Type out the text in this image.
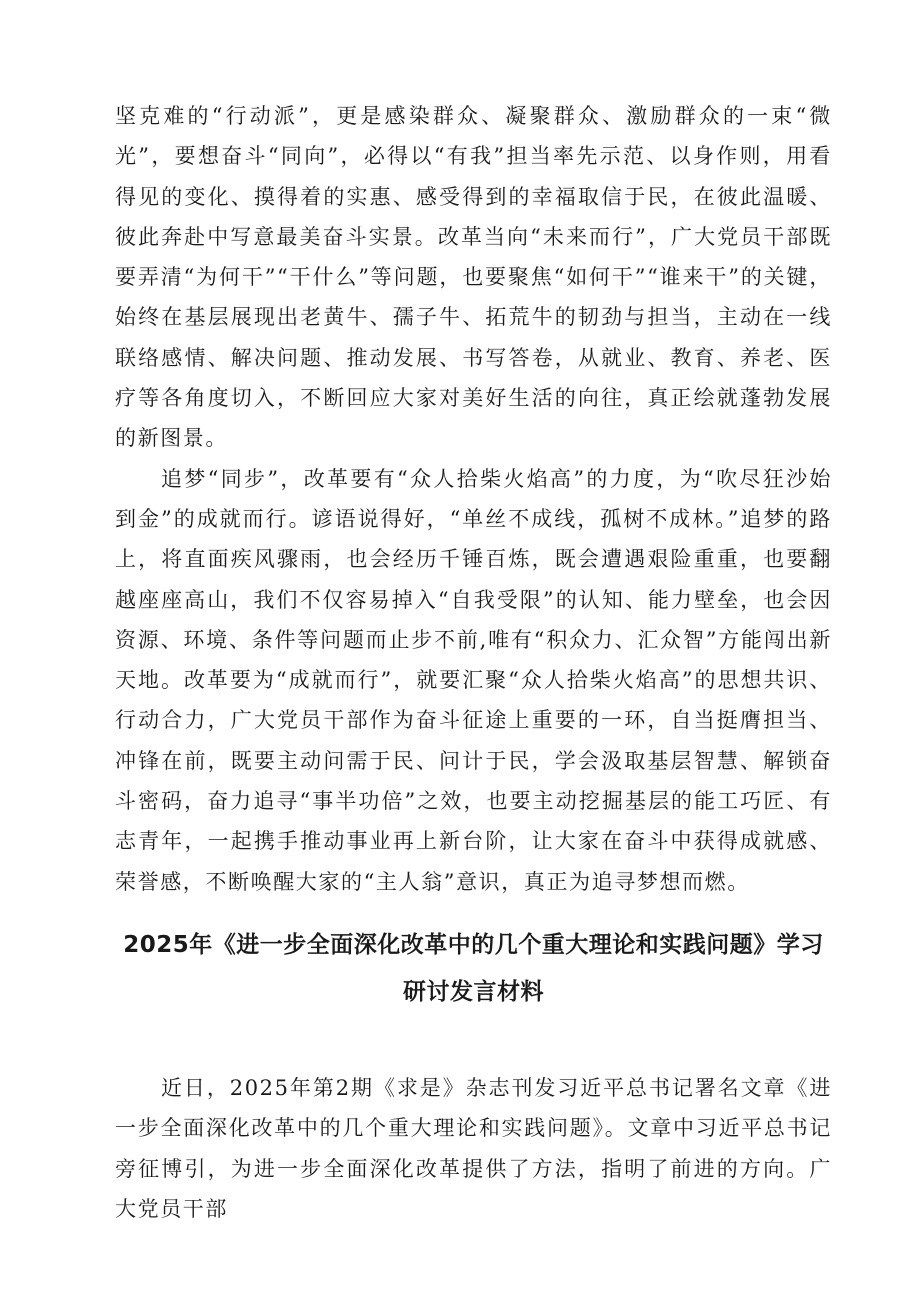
坚克难的“行动派”，更是感染群众、凝聚群众、激励群众的一束“微光”，要想奋斗“同向”，必得以“有我”担当率先示范、以身作则，用看得见的变化、摸得着的实惠、感受得到的幸福取信于民，在彼此温暖、彼此奔赴中写意最美奋斗实景。改革当向“未来而行”，广大党员干部既要弄清“为何干”“干什么”等问题，也要聚焦“如何干”“谁来干”的关键，始终在基层展现出老黄牛、孺子牛、拓荒牛的韧劲与担当，主动在一线联络感情、解决问题、推动发展、书写答卷，从就业、教育、养老、医疗等各角度切入，不断回应大家对美好生活的向往，真正绘就蓬勃发展的新图景。

追梦“同步”，改革要有“众人拾柴火焰高”的力度，为“吹尽狂沙始到金”的成就而行。谚语说得好，“单丝不成线，孤树不成林。”追梦的路上，将直面疾风骤雨，也会经历千锤百炼，既会遭遇艰险重重，也要翻越座座高山，我们不仅容易掉入“自我受限”的认知、能力壁垒，也会因资源、环境、条件等问题而止步不前,唯有“积众力、汇众智”方能闯出新天地。改革要为“成就而行”，就要汇聚“众人拾柴火焰高”的思想共识、行动合力，广大党员干部作为奋斗征途上重要的一环，自当挺膺担当、冲锋在前，既要主动问需于民、问计于民，学会汲取基层智慧、解锁奋斗密码，奋力追寻“事半功倍”之效，也要主动挖掘基层的能工巧匠、有志青年，一起携手推动事业再上新台阶，让大家在奋斗中获得成就感、荣誉感，不断唤醒大家的“主人翁”意识，真正为追寻梦想而燃。

2025年《进一步全面深化改革中的几个重大理论和实践问题》学习研讨发言材料

近日，2025年第2期《求是》杂志刊发习近平总书记署名文章《进一步全面深化改革中的几个重大理论和实践问题》。文章中习近平总书记旁征博引，为进一步全面深化改革提供了方法，指明了前进的方向。广大党员干部
